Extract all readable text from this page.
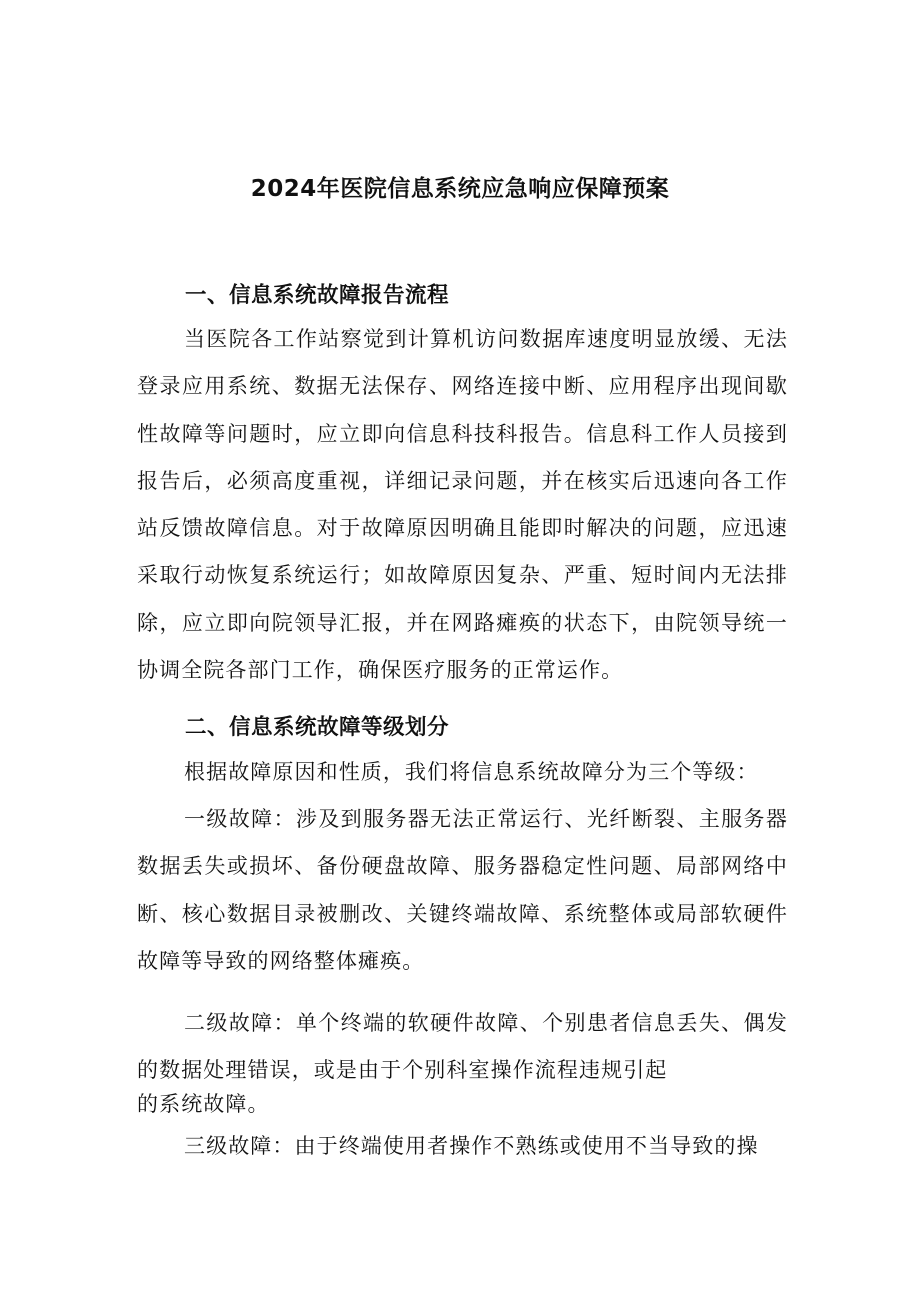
2024年医院信息系统应急响应保障预案
一、信息系统故障报告流程

当医院各工作站察觉到计算机访问数据库速度明显放缓、无法登录应用系统、数据无法保存、网络连接中断、应用程序出现间歇性故障等问题时，应立即向信息科技科报告。信息科工作人员接到报告后，必须高度重视，详细记录问题，并在核实后迅速向各工作站反馈故障信息。对于故障原因明确且能即时解决的问题，应迅速采取行动恢复系统运行；如故障原因复杂、严重、短时间内无法排除，应立即向院领导汇报，并在网路瘫痪的状态下，由院领导统一协调全院各部门工作，确保医疗服务的正常运作。

二、信息系统故障等级划分

根据故障原因和性质，我们将信息系统故障分为三个等级：

一级故障：涉及到服务器无法正常运行、光纤断裂、主服务器数据丢失或损坏、备份硬盘故障、服务器稳定性问题、局部网络中断、核心数据目录被删改、关键终端故障、系统整体或局部软硬件故障等导致的网络整体瘫痪。

二级故障：单个终端的软硬件故障、个别患者信息丢失、偶发的数据处理错误，或是由于个别科室操作流程违规引起

的系统故障。

三级故障：由于终端使用者操作不熟练或使用不当导致的操
